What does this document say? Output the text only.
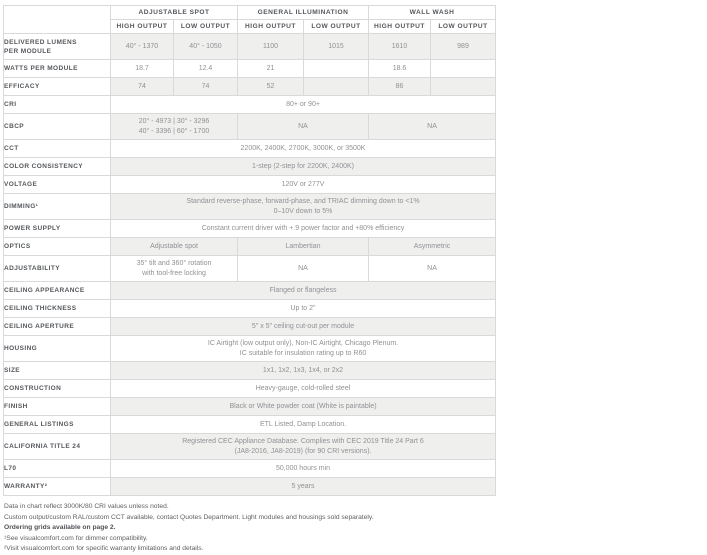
	ADJUSTABLE SPOT		GENERAL ILLUMINATION		WALL WASH	
	HIGH OUTPUT	LOW OUTPUT	HIGH OUTPUT	LOW OUTPUT	HIGH OUTPUT	LOW OUTPUT

DELIVERED LUMENS
PER MODULE	40° - 1370	40° - 1050	1100	1015	1610	989
WATTS PER MODULE	18.7	12.4	21		18.6	
EFFICACY	74	74	52		86	
CRI	80+ or 90+					
CBCP	20° - 4973 | 30° - 3296
40° - 3396 | 60° - 1700		NA		NA	
CCT	2200K, 2400K, 2700K, 3000K, or 3500K					
COLOR CONSISTENCY	1-step (2-step for 2200K, 2400K)					
VOLTAGE	120V or 277V					
DIMMING¹	Standard reverse-phase, forward-phase, and TRIAC dimming down to <1%
0–10V down to 5%					

POWER SUPPLY	Constant current driver with +.9 power factor and +80% efficiency					
OPTICS	Adjustable spot		Lambertian		Asymmetric	
ADJUSTABILITY	35° tilt and 360° rotation
with tool-free locking		NA		NA	
CEILING APPEARANCE	Flanged or flangeless					
CEILING THICKNESS	Up to 2"					
CEILING APERTURE	5" x 5" ceiling cut-out per module					
HOUSING	IC Airtight (low output only), Non-IC Airtight, Chicago Plenum.
IC suitable for insulation rating up to R60					

SIZE	1x1, 1x2, 1x3, 1x4, or 2x2					
CONSTRUCTION	Heavy-gauge, cold-rolled steel					
FINISH	Black or White powder coat (White is paintable)					
GENERAL LISTINGS	ETL Listed, Damp Location.					
CALIFORNIA TITLE 24	Registered CEC Appliance Database. Complies with CEC 2019 Title 24 Part 6
(JA8-2016, JA8-2019) (for 90 CRI versions).					

L70	50,000 hours min					
WARRANTY²	5 years					
Data in chart reflect 3000K/80 CRI values unless noted.
Custom output/custom RAL/custom CCT available, contact Quotes Department. Light modules and housings sold separately.
Ordering grids available on page 2.
¹See visualcomfort.com for dimmer compatibility.
²Visit visualcomfort.com for specific warranty limitations and details.
